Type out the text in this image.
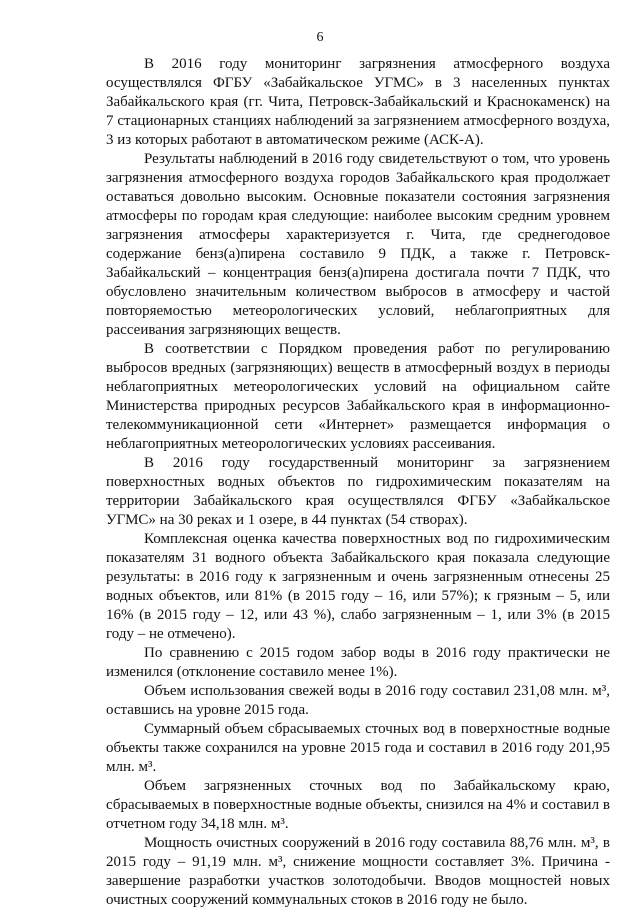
6

В 2016 году мониторинг загрязнения атмосферного воздуха осуществлялся ФГБУ «Забайкальское УГМС» в 3 населенных пунктах Забайкальского края (гг. Чита, Петровск-Забайкальский и Краснокаменск) на 7 стационарных станциях наблюдений за загрязнением атмосферного воздуха, 3 из которых работают в автоматическом режиме (АСК-А).

Результаты наблюдений в 2016 году свидетельствуют о том, что уровень загрязнения атмосферного воздуха городов Забайкальского края продолжает оставаться довольно высоким. Основные показатели состояния загрязнения атмосферы по городам края следующие: наиболее высоким средним уровнем загрязнения атмосферы характеризуется г. Чита, где среднегодовое содержание бенз(а)пирена составило 9 ПДК, а также г. Петровск-Забайкальский – концентрация бенз(а)пирена достигала почти 7 ПДК, что обусловлено значительным количеством выбросов в атмосферу и частой повторяемостью метеорологических условий, неблагоприятных для рассеивания загрязняющих веществ.

В соответствии с Порядком проведения работ по регулированию выбросов вредных (загрязняющих) веществ в атмосферный воздух в периоды неблагоприятных метеорологических условий на официальном сайте Министерства природных ресурсов Забайкальского края в информационно-телекоммуникационной сети «Интернет» размещается информация о неблагоприятных метеорологических условиях рассеивания.

В 2016 году государственный мониторинг за загрязнением поверхностных водных объектов по гидрохимическим показателям на территории Забайкальского края осуществлялся ФГБУ «Забайкальское УГМС» на 30 реках и 1 озере, в 44 пунктах (54 створах).

Комплексная оценка качества поверхностных вод по гидрохимическим показателям 31 водного объекта Забайкальского края показала следующие результаты: в 2016 году к загрязненным и очень загрязненным отнесены 25 водных объектов, или 81% (в 2015 году – 16, или 57%); к грязным – 5, или 16% (в 2015 году – 12, или 43 %), слабо загрязненным – 1, или 3% (в 2015 году – не отмечено).

По сравнению с 2015 годом забор воды в 2016 году практически не изменился (отклонение составило менее 1%).

Объем использования свежей воды в 2016 году составил 231,08 млн. м³, оставшись на уровне 2015 года.

Суммарный объем сбрасываемых сточных вод в поверхностные водные объекты также сохранился на уровне 2015 года и составил в 2016 году 201,95 млн. м³.

Объем загрязненных сточных вод по Забайкальскому краю, сбрасываемых в поверхностные водные объекты, снизился на 4% и составил в отчетном году 34,18 млн. м³.

Мощность очистных сооружений в 2016 году составила 88,76 млн. м³, в 2015 году – 91,19 млн. м³, снижение мощности составляет 3%. Причина - завершение разработки участков золотодобычи. Вводов мощностей новых очистных сооружений коммунальных стоков в 2016 году не было.
